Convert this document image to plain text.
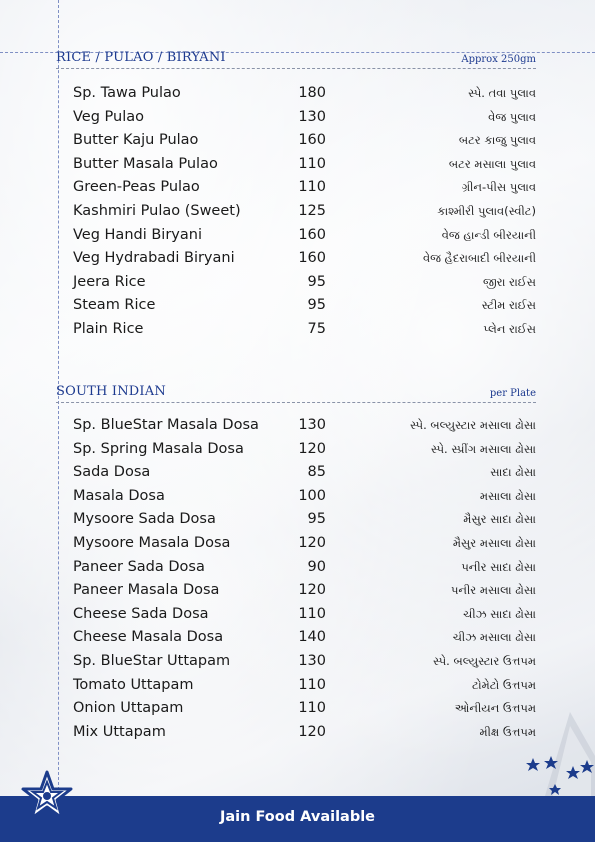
RICE / PULAO / BIRYANI	Approx 250gm
Sp. Tawa Pulao	180	સ્પે. તવા પુલાવ
Veg Pulao	130	વેજ પુલાવ
Butter Kaju Pulao	160	બટર કાજુ પુલાવ
Butter Masala Pulao	110	બટર મસાલા પુલાવ
Green-Peas Pulao	110	ગ્રીન-પીસ પુલાવ
Kashmiri Pulao (Sweet)	125	કાશ્મીરી પુલાવ(સ્વીટ)
Veg Handi Biryani	160	વેજ હાન્ડી બીરયાની
Veg Hydrabadi Biryani	160	વેજ હૈદરાબાદી બીરયાની
Jeera Rice	95	જીરા રાઈસ
Steam Rice	95	સ્ટીમ રાઈસ
Plain Rice	75	પ્લેન રાઈસ
SOUTH INDIAN	per Plate
Sp. BlueStar Masala Dosa	130	સ્પે. બલ્યુસ્ટાર મસાલા ઢોસા
Sp. Spring Masala Dosa	120	સ્પે. સ્પ્રીંગ મસાલા ઢોસા
Sada Dosa	85	સાદા ઢોસા
Masala Dosa	100	મસાલા ઢોસા
Mysoore Sada Dosa	95	મૈસુર સાદા ઢોસા
Mysoore Masala Dosa	120	મૈસુર મસાલા ઢોસા
Paneer Sada Dosa	90	પનીર સાદા ઢોસા
Paneer Masala Dosa	120	પનીર મસાલા ઢોસા
Cheese Sada Dosa	110	ચીઝ સાદા ઢોસા
Cheese Masala Dosa	140	ચીઝ મસાલા ઢોસા
Sp. BlueStar Uttapam	130	સ્પે. બલ્યુસ્ટાર ઉત્તપમ
Tomato Uttapam	110	ટોમેટો ઉત્તપમ
Onion Uttapam	110	ઓનીયન ઉત્તપમ
Mix Uttapam	120	મીક્ષ ઉત્તપમ
Jain Food Available
